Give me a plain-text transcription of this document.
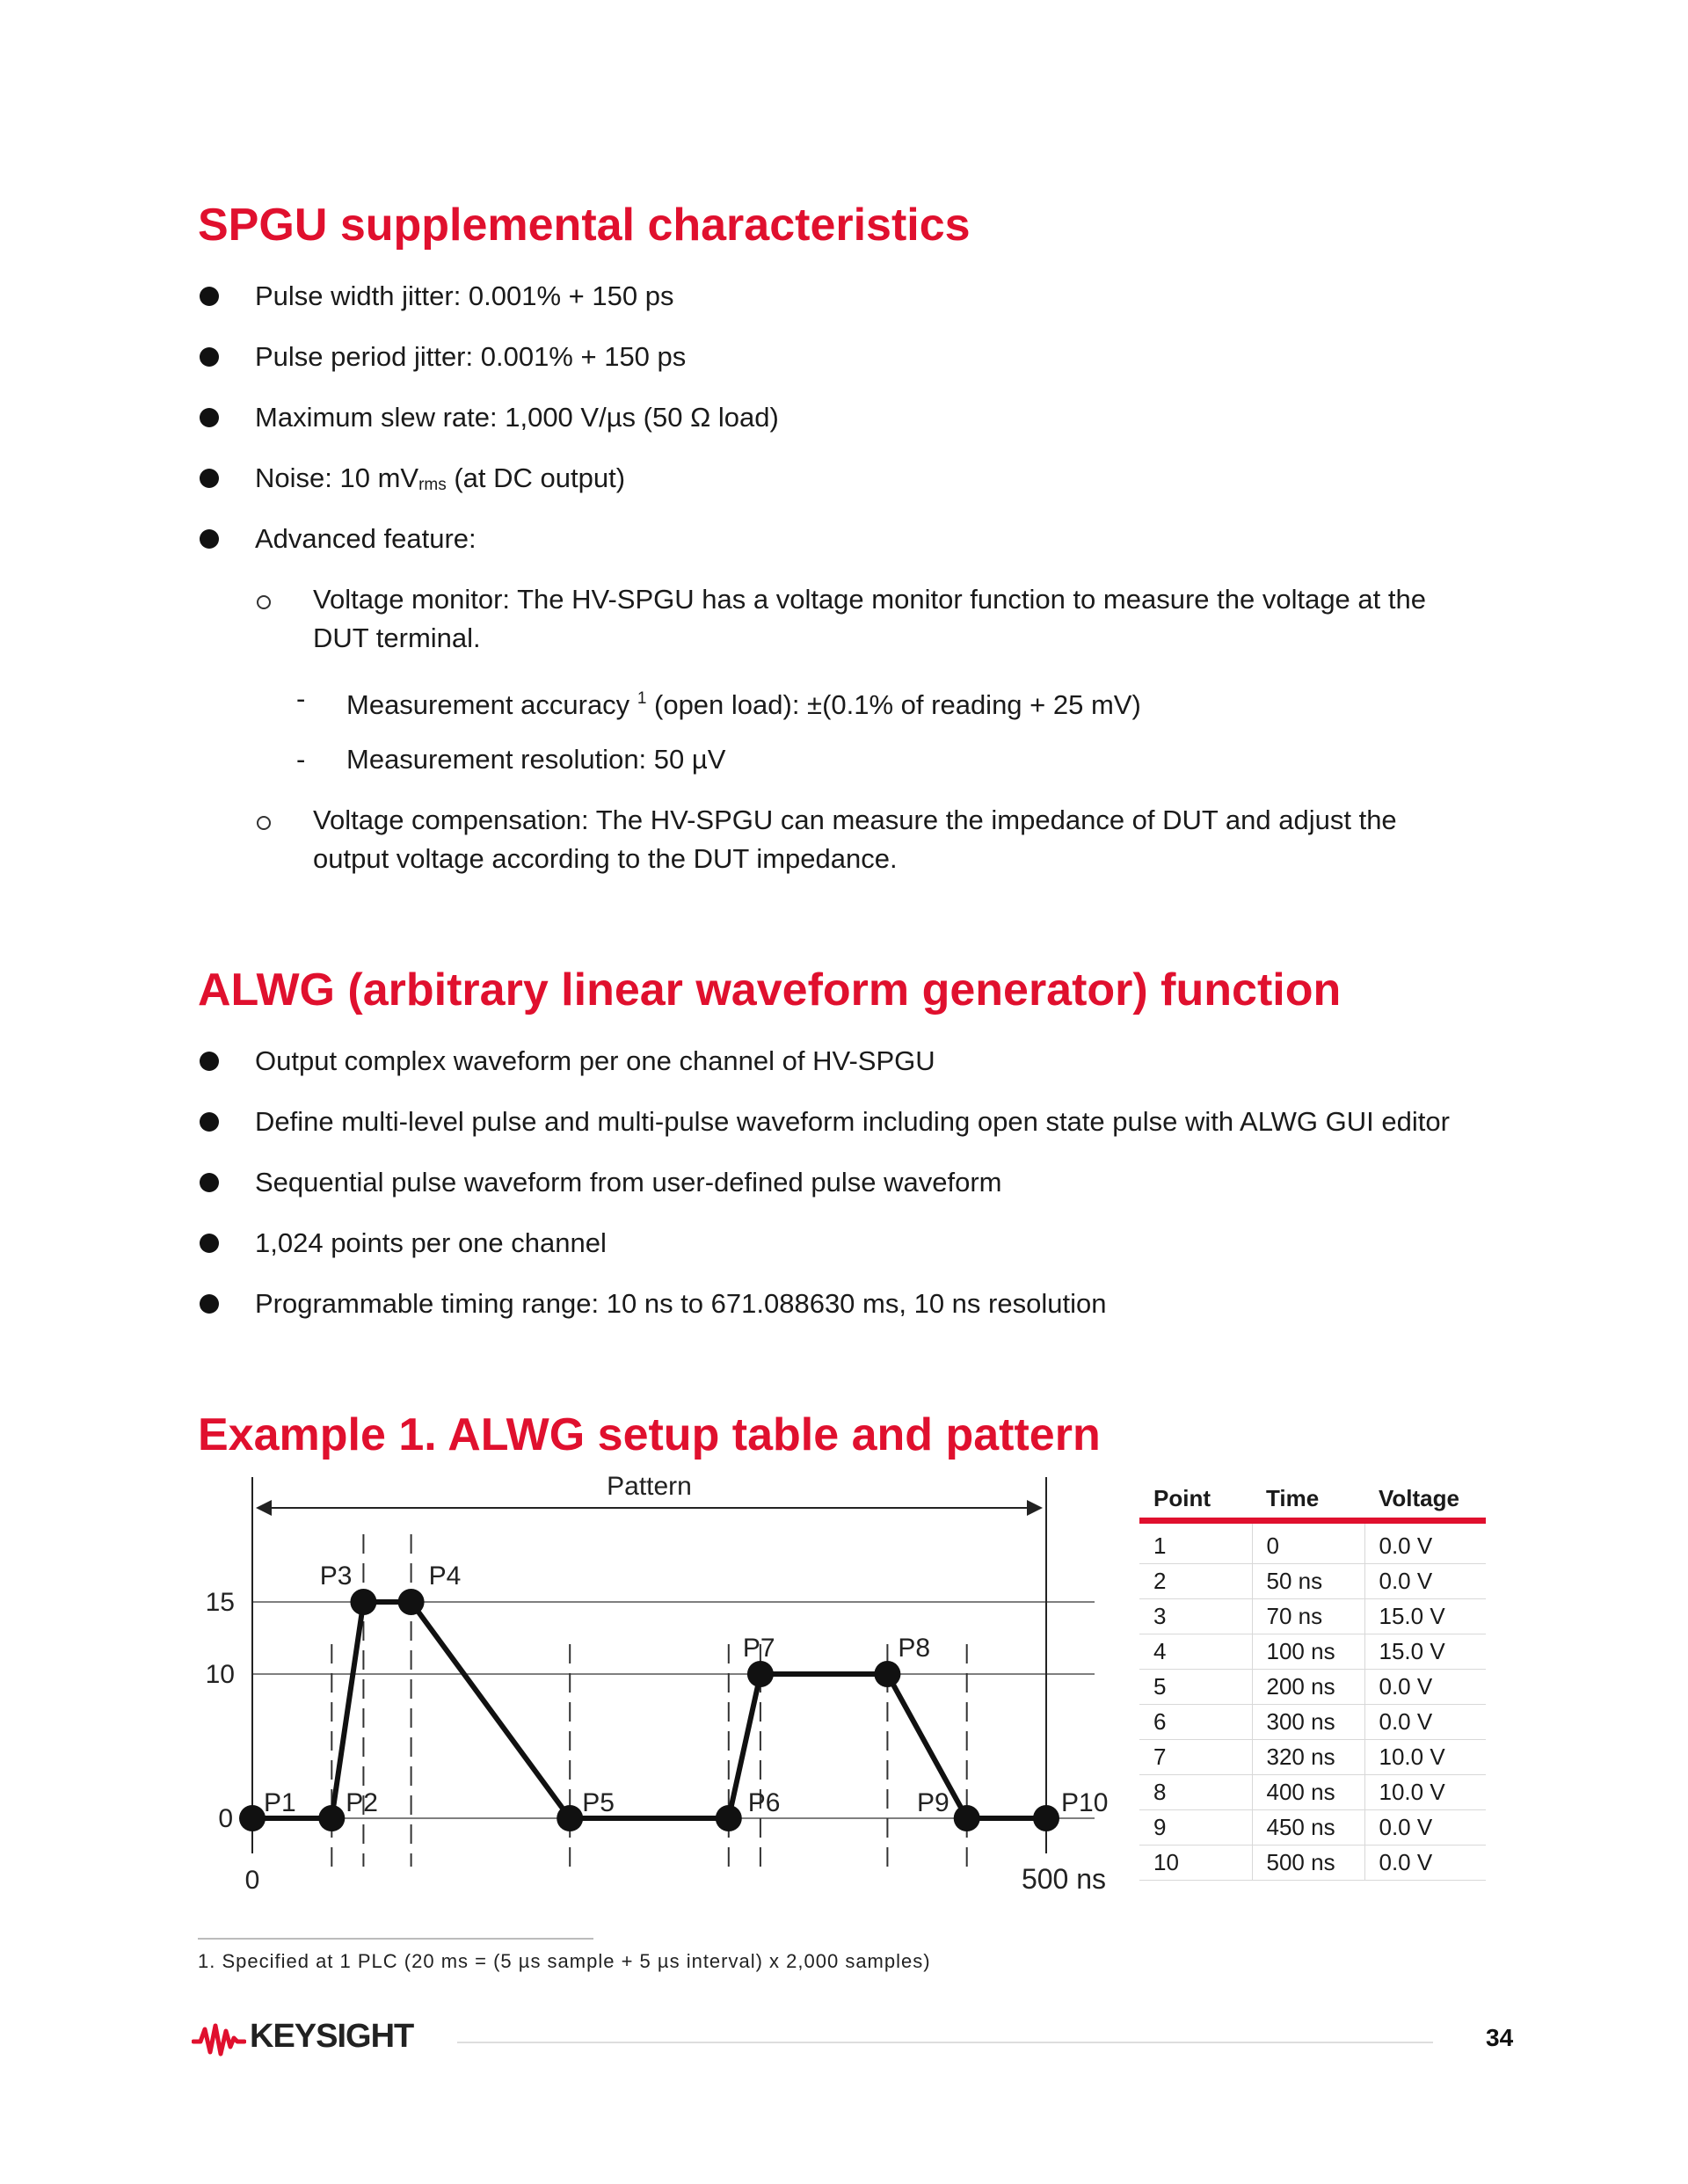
SPGU supplemental characteristics
Pulse width jitter: 0.001% + 150 ps
Pulse period jitter: 0.001% + 150 ps
Maximum slew rate: 1,000 V/µs (50 Ω load)
Noise: 10 $mV_{rms}$ (at DC output)
Advanced feature:
Voltage monitor: The HV-SPGU has a voltage monitor function to measure the voltage at the
DUT terminal.
- Measurement accuracy $^1$ (open load): ±(0.1% of reading + 25 mV)
- Measurement resolution: 50 µV
Voltage compensation: The HV-SPGU can measure the impedance of DUT and adjust the
output voltage according to the DUT impedance.
ALWG (arbitrary linear waveform generator) function
Output complex waveform per one channel of HV-SPGU
Define multi-level pulse and multi-pulse waveform including open state pulse with ALWG GUI editor
Sequential pulse waveform from user-defined pulse waveform
1,024 points per one channel
Programmable timing range: 10 ns to 671.088630 ms, 10 ns resolution
Example 1. ALWG setup table and pattern
Pattern
P1 P2
P3	P4
P5	P6
P7	P8
P9	P10
0
10
15
0	500 ns
Point	Time	Voltage
1	0	0.0 V
2	50 ns	0.0 V
3	70 ns	15.0 V
4	100 ns	15.0 V
5	200 ns	0.0 V
6	300 ns	0.0 V
7	320 ns	10.0 V
8	400 ns	10.0 V
9	450 ns	0.0 V
10	500 ns	0.0 V
1. Specified at 1 PLC (20 ms = (5 µs sample + 5 µs interval) x 2,000 samples)
KEYSIGHT	34
